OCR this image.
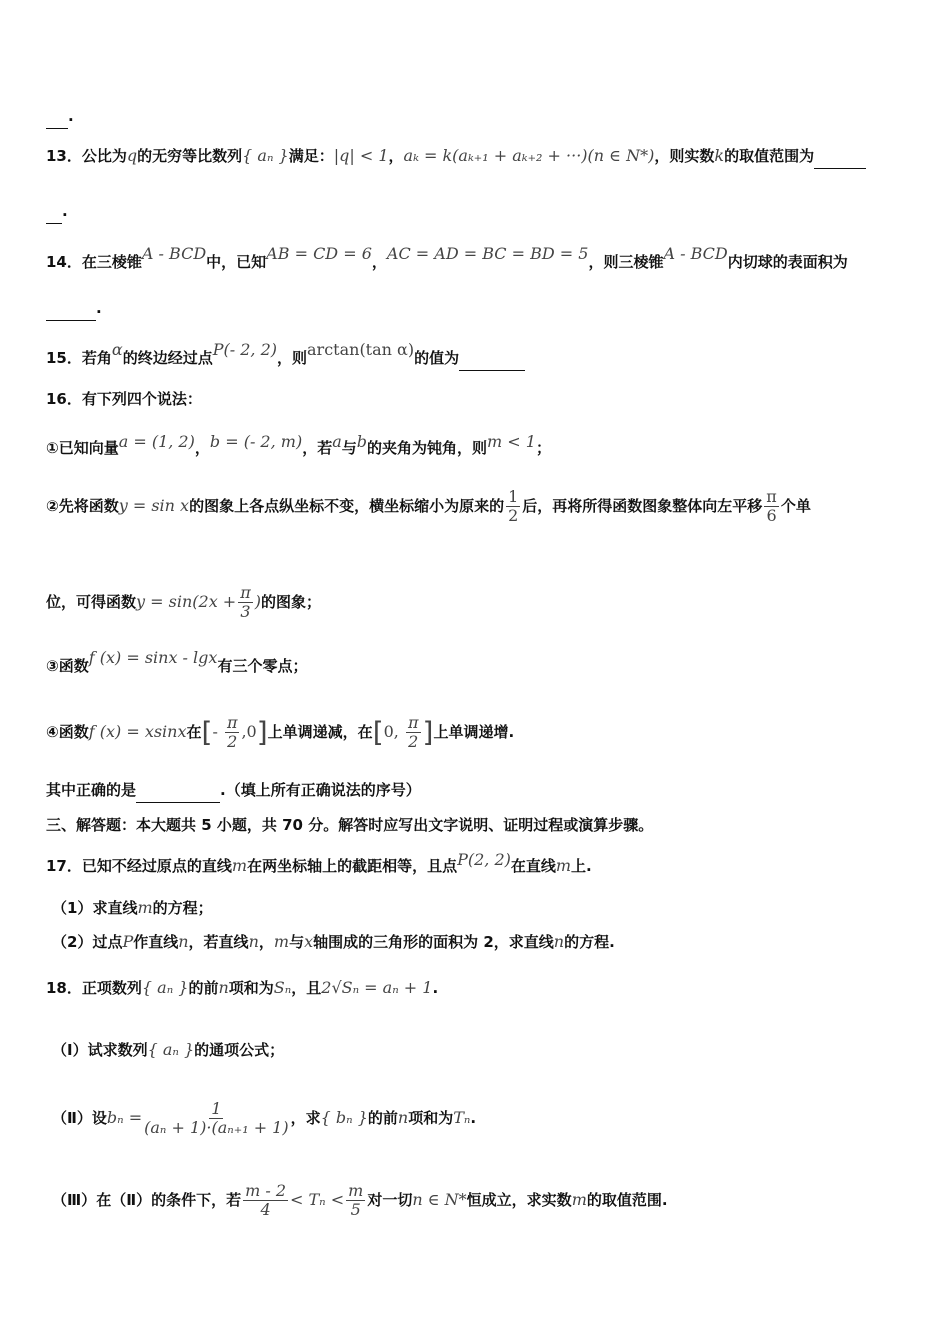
.
13．公比为q的无穷等比数列{ aₙ }满足：|q| < 1，aₖ = k(aₖ₊₁ + aₖ₊₂ + ···)(n ∈ N*)，则实数k的取值范围为
.
14．在三棱锥A - BCD中，已知AB = CD = 6，AC = AD = BC = BD = 5，则三棱锥A - BCD内切球的表面积为
.
15．若角α的终边经过点P(- 2, 2)，则arctan(tan α)的值为
16．有下列四个说法：
①已知向量a = (1, 2)，b = (- 2, m)，若a与b的夹角为钝角，则m < 1；
②先将函数y = sin x的图象上各点纵坐标不变，横坐标缩小为原来的 $\frac{1}{2}$ 后，再将所得函数图象整体向左平移 $\frac{\pi}{6}$ 个单
位，可得函数$y = \sin(2x + \frac{\pi}{3}$ )的图象；
③函数f (x) = sinx - lgx有三个零点；
④函数f (x) = xsinx在[- $\frac{\pi}{2} ,0$]上单调递减，在[0, $\frac{\pi}{2}$ ]上单调递增.
其中正确的是	.（填上所有正确说法的序号）
三、解答题：本大题共 5 小题，共 70 分。解答时应写出文字说明、证明过程或演算步骤。
17．已知不经过原点的直线m在两坐标轴上的截距相等，且点P(2, 2)在直线m上.
（1）求直线m的方程；
（2）过点P作直线n，若直线n，m与x轴围成的三角形的面积为 2，求直线n的方程.
18．正项数列{ aₙ }的前n项和为Sₙ，且2√Sₙ = aₙ + 1.
（Ⅰ）试求数列{ aₙ }的通项公式；
（Ⅱ）设$b_n = \frac{1}{\text{(aₙ + 1)·(aₙ₊₁ + 1)}}$ ，求{ bₙ }的前n项和为Tₙ.
（Ⅲ）在（Ⅱ）的条件下，若 $\frac{m - 2}{4} < T_n < \frac{m}{5}$ 对一切n ∈ N*恒成立，求实数m的取值范围.
